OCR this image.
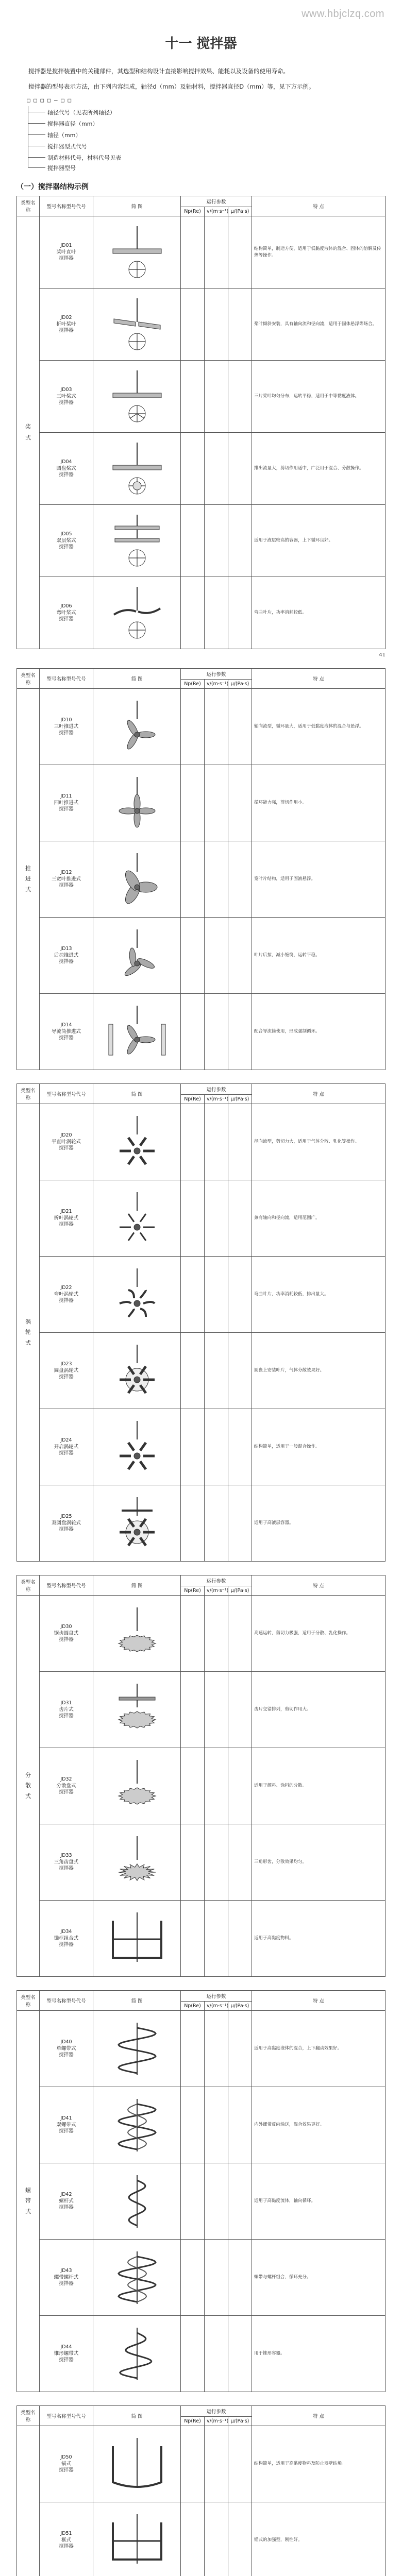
www.hbjclzq.com
十一 搅拌器

搅拌器是搅拌装置中的关键部件，其选型和结构设计直接影响搅拌效果、能耗以及设备的使用寿命。

搅拌器的型号表示方法，由下列内容组成，轴径d（mm）及轴材料，搅拌器直径D（mm）等，见下方示例。

□ □ □ □ — □ □
轴径代号（见表所列轴径）
搅拌器直径（mm）
轴径（mm）
搅拌器型式代号
制造材料代号，材料代号见表
搅拌器型号
（一）搅拌器结构示例
类型名称	型号名称型号代号	简 图	运行参数			特 点
			Np(Re)	v/(m·s⁻¹)	μ/(Pa·s)	
桨
式	JD01
桨叶直叶
搅拌器					结构简单，制造方便，适用于低黏度液体的混合、固体的溶解及传热等操作。

	JD02
折叶桨叶
搅拌器					桨叶倾斜安装，具有轴向流和径向流，适用于固体悬浮等场合。

	JD03
三叶桨式
搅拌器					三片桨叶均匀分布，运转平稳，适用于中等黏度液体。

	JD04
圆盘桨式
搅拌器					排出流量大，剪切作用适中，广泛用于混合、分散操作。

	JD05
双层桨式
搅拌器					适用于液层较高的容器，上下循环良好。

	JD06
弯叶桨式
搅拌器					弯曲叶片，功率消耗较低。
41
类型名称	型号名称型号代号	简 图	运行参数			特 点
			Np(Re)	v/(m·s⁻¹)	μ/(Pa·s)	
推
进
式	JD10
三叶推进式
搅拌器					轴向流型，循环量大，适用于低黏度液体的混合与悬浮。

	JD11
四叶推进式
搅拌器					循环能力强，剪切作用小。

	JD12
三宽叶推进式
搅拌器					宽叶片结构，适用于固液悬浮。

	JD13
后掠推进式
搅拌器					叶片后掠，减小缠绕，运转平稳。

	JD14
导流筒推进式
搅拌器					配合导流筒使用，形成强制循环。
类型名称	型号名称型号代号	简 图	运行参数			特 点
			Np(Re)	v/(m·s⁻¹)	μ/(Pa·s)	
涡
轮
式	JD20
平直叶涡轮式
搅拌器					径向流型，剪切力大，适用于气体分散、乳化等操作。

	JD21
折叶涡轮式
搅拌器					兼有轴向和径向流，适用范围广。

	JD22
弯叶涡轮式
搅拌器					弯曲叶片，功率消耗较低，排出量大。

	JD23
圆盘涡轮式
搅拌器					圆盘上安装叶片，气体分散效果好。

	JD24
开启涡轮式
搅拌器					结构简单，适用于一般混合操作。

	JD25
双圆盘涡轮式
搅拌器					适用于高液层容器。
类型名称	型号名称型号代号	简 图	运行参数			特 点
			Np(Re)	v/(m·s⁻¹)	μ/(Pa·s)	
分
散
式	JD30
锯齿圆盘式
搅拌器					高速运转，剪切力极强，适用于分散、乳化操作。

	JD31
齿片式
搅拌器					齿片交错排列，剪切作用大。

	JD32
分散盘式
搅拌器					适用于颜料、涂料的分散。

	JD33
三角齿盘式
搅拌器					三角形齿，分散效果均匀。

	JD34
锚框组合式
搅拌器					适用于高黏度物料。
类型名称	型号名称型号代号	简 图	运行参数			特 点
			Np(Re)	v/(m·s⁻¹)	μ/(Pa·s)	
螺
带
式	JD40
单螺带式
搅拌器					适用于高黏度液体的混合，上下翻动效果好。

	JD41
双螺带式
搅拌器					内外螺带反向输送，混合效果更好。

	JD42
螺杆式
搅拌器					适用于高黏度流体，轴向循环。

	JD43
螺带螺杆式
搅拌器					螺带与螺杆组合，循环充分。

	JD44
锥形螺带式
搅拌器					用于锥形容器。
类型名称	型号名称型号代号	简 图	运行参数			特 点
			Np(Re)	v/(m·s⁻¹)	μ/(Pa·s)	

JD50
锚式
搅拌器					结构简单，适用于高黏度物料及防止器壁结垢。

	JD51
框式
搅拌器					锚式的加强型，刚性好。
